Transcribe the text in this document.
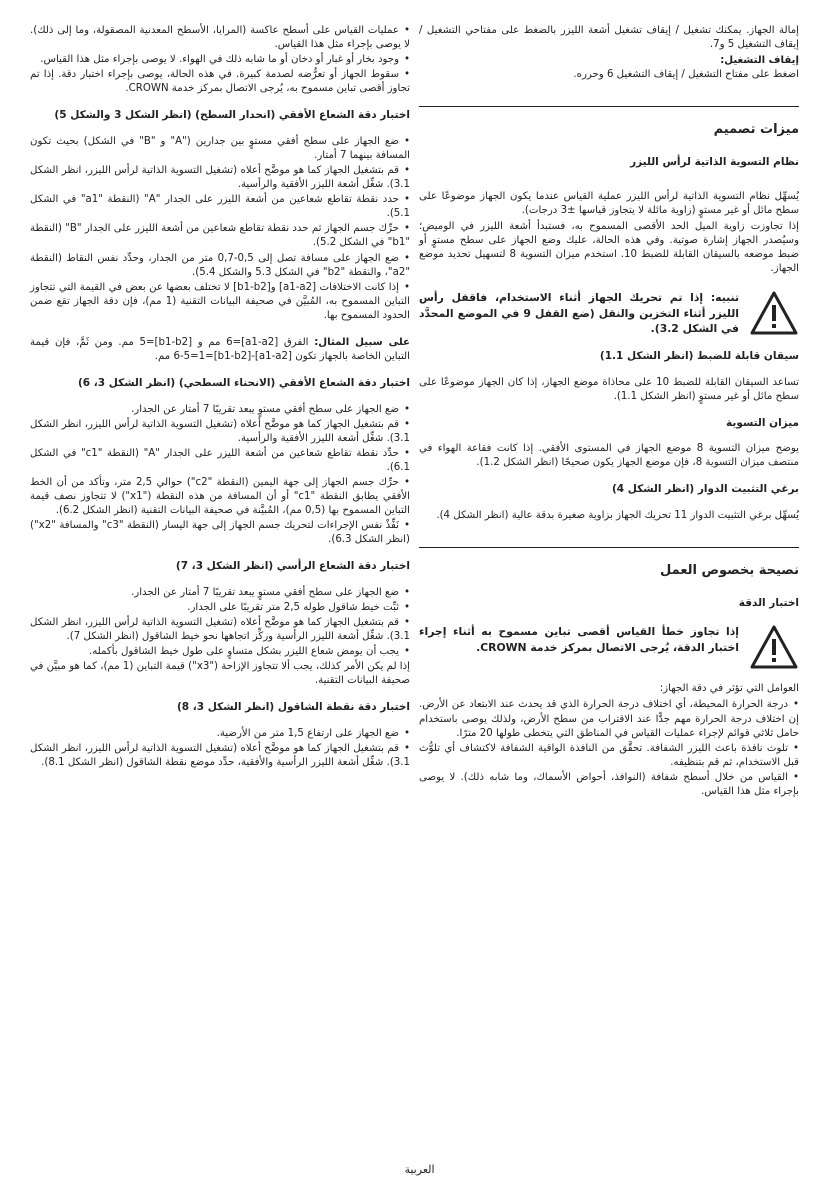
إمالة الجهاز. يمكنك تشغيل / إيقاف تشغيل أشعة الليزر بالضغط على مفتاحي التشغيل / إيقاف التشغيل 5 و7.

إيقاف التشغيل:

اضغط على مفتاح التشغيل / إيقاف التشغيل 6 وحرره.

ميزات تصميم
نظام التسوية الذاتية لرأس الليزر

يُسهِّل نظام التسوية الذاتية لرأس الليزر عملية القياس عندما يكون الجهاز موضوعًا على سطح مائل أو غير مستوٍ (زاوية مائلة لا يتجاوز قياسها ±3 درجات).

إذا تجاوزت زاوية الميل الحد الأقصى المسموح به، فستبدأ أشعة الليزر في الوميض؛ وسيُصدر الجهاز إشارة صوتية. وفي هذه الحالة، عليك وضع الجهاز على سطح مستوٍ أو ضبط موضعه بالسيقان القابلة للضبط 10. استخدم ميزان التسوية 8 لتسهيل تحديد موضع الجهاز.

تنبيه: إذا تم تحريك الجهاز أثناء الاستخدام، فاقفل رأس الليزر أثناء التخزين والنقل (ضع القفل 9 في الموضع المحدَّد في الشكل 3.2).
سيقان قابلة للضبط (انظر الشكل 1.1)

تساعد السيقان القابلة للضبط 10 على محاذاة موضع الجهاز، إذا كان الجهاز موضوعًا على سطح مائل أو غير مستوٍ (انظر الشكل 1.1).

ميزان التسوية

يوضح ميزان التسوية 8 موضع الجهاز في المستوى الأفقي. إذا كانت فقاعة الهواء في منتصف ميزان التسوية 8، فإن موضع الجهاز يكون صحيحًا (انظر الشكل 1.2).

برغي التثبيت الدوار (انظر الشكل 4)

يُسهِّل برغي التثبيت الدوار 11 تحريك الجهاز بزاوية صغيرة بدقة عالية (انظر الشكل 4).

نصيحة بخصوص العمل
اختبار الدقة
إذا تجاوز خطأ القياس أقصى تباين مسموح به أثناء إجراء اختبار الدقة، يُرجى الاتصال بمركز خدمة CROWN.

العوامل التي تؤثر في دقة الجهاز:

• درجة الحرارة المحيطة، أي اختلاف درجة الحرارة الذي قد يحدث عند الابتعاد عن الأرض. إن اختلاف درجة الحرارة مهم جدًّا عند الاقتراب من سطح الأرض، ولذلك يوصى باستخدام حامل ثلاثي قوائم لإجراء عمليات القياس في المناطق التي يتخطى طولها 20 مترًا.

• تلوث نافذة باعث الليزر الشفافة. تحقَّق من النافذة الواقية الشفافة لاكتشاف أي تلوُّث قبل الاستخدام، ثم قم بتنظيفه.

• القياس من خلال أسطح شفافة (النوافذ، أحواض الأسماك، وما شابه ذلك). لا يوصى بإجراء مثل هذا القياس.

• عمليات القياس على أسطح عاكسة (المرايا، الأسطح المعدنية المصقولة، وما إلى ذلك). لا يوصى بإجراء مثل هذا القياس.

• وجود بخار أو غبار أو دخان أو ما شابه ذلك في الهواء. لا يوصى بإجراء مثل هذا القياس.

• سقوط الجهاز أو تعرُّضه لصدمة كبيرة. في هذه الحالة، يوصى بإجراء اختبار دقة. إذا تم تجاوز أقصى تباين مسموح به، يُرجى الاتصال بمركز خدمة CROWN.

اختبار دقة الشعاع الأفقي (انحدار السطح) (انظر الشكل 3 والشكل 5)

• ضع الجهاز على سطح أفقي مستوٍ بين جدارين ("A" و "B" في الشكل) بحيث تكون المسافة بينهما 7 أمتار.

• قم بتشغيل الجهاز كما هو موضَّح أعلاه (تشغيل التسوية الذاتية لرأس الليزر، انظر الشكل 3.1). شغِّل أشعة الليزر الأفقية والرأسية.

• حدد نقطة تقاطع شعاعين من أشعة الليزر على الجدار "A" (النقطة "a1" في الشكل 5.1).

• حرِّك جسم الجهاز ثم حدد نقطة تقاطع شعاعين من أشعة الليزر على الجدار "B" (النقطة "b1" في الشكل 5.2).

• ضع الجهاز على مسافة تصل إلى 0,5-0,7 متر من الجدار، وحدِّد نفس النقاط (النقطة "a2"، والنقطة "b2" في الشكل 5.3 والشكل 5.4).

• إذا كانت الاختلافات [a1-a2] و[b1-b2] لا تختلف بعضها عن بعض في القيمة التي تتجاوز التباين المسموح به، المُبيَّن في صحيفة البيانات التقنية (1 مم)، فإن دقة الجهاز تقع ضمن الحدود المسموح بها.

على سبيل المثال: الفرق [a1-a2]=6 مم و [b1-b2]=5 مم. ومن ثَمَّ، فإن قيمة التباين الخاصة بالجهاز تكون [a1-a2]-[b1-b2]=6-5=1 مم.

اختبار دقة الشعاع الأفقي (الانحناء السطحي) (انظر الشكل 3، 6)

• ضع الجهاز على سطح أفقي مستوٍ يبعد تقريبًا 7 أمتار عن الجدار.

• قم بتشغيل الجهاز كما هو موضَّح أعلاه (تشغيل التسوية الذاتية لرأس الليزر، انظر الشكل 3.1). شغِّل أشعة الليزر الأفقية والرأسية.

• حدِّد نقطة تقاطع شعاعين من أشعة الليزر على الجدار "A" (النقطة "c1" في الشكل 6.1).

• حرِّك جسم الجهاز إلى جهة اليمين (النقطة "c2") حوالي 2,5 متر، وتأكد من أن الخط الأفقي يطابق النقطة "c1" أو أن المسافة من هذه النقطة ("x1") لا تتجاوز نصف قيمة التباين المسموح بها (0,5 مم)، المُبيَّنة في صحيفة البيانات التقنية (انظر الشكل 6.2).

• نَفِّذْ نفس الإجراءات لتحريك جسم الجهاز إلى جهة اليسار (النقطة "c3" والمسافة "x2") (انظر الشكل 6.3).

اختبار دقة الشعاع الرأسي (انظر الشكل 3، 7)

• ضع الجهاز على سطح أفقي مستوٍ يبعد تقريبًا 7 أمتار عن الجدار.

• ثبِّت خيط شاقول طوله 2,5 متر تقريبًا على الجدار.

• قم بتشغيل الجهاز كما هو موضَّح أعلاه (تشغيل التسوية الذاتية لرأس الليزر، انظر الشكل 3.1). شغِّل أشعة الليزر الرأسية وركِّز اتجاهها نحو خيط الشاقول (انظر الشكل 7).

• يجب أن يومض شعاع الليزر بشكل متساوٍ على طول خيط الشاقول بأكمله.

إذا لم يكن الأمر كذلك، يجب ألا تتجاوز الإزاحة ("x3") قيمة التباين (1 مم)، كما هو مبيَّن في صحيفة البيانات التقنية.

اختبار دقة نقطة الشاقول (انظر الشكل 3، 8)

• ضع الجهاز على ارتفاع 1,5 متر من الأرضية.

• قم بتشغيل الجهاز كما هو موضَّح أعلاه (تشغيل التسوية الذاتية لرأس الليزر، انظر الشكل 3.1). شغِّل أشعة الليزر الرأسية والأفقية، حدِّد موضع نقطة الشاقول (انظر الشكل 8.1).

العربية
